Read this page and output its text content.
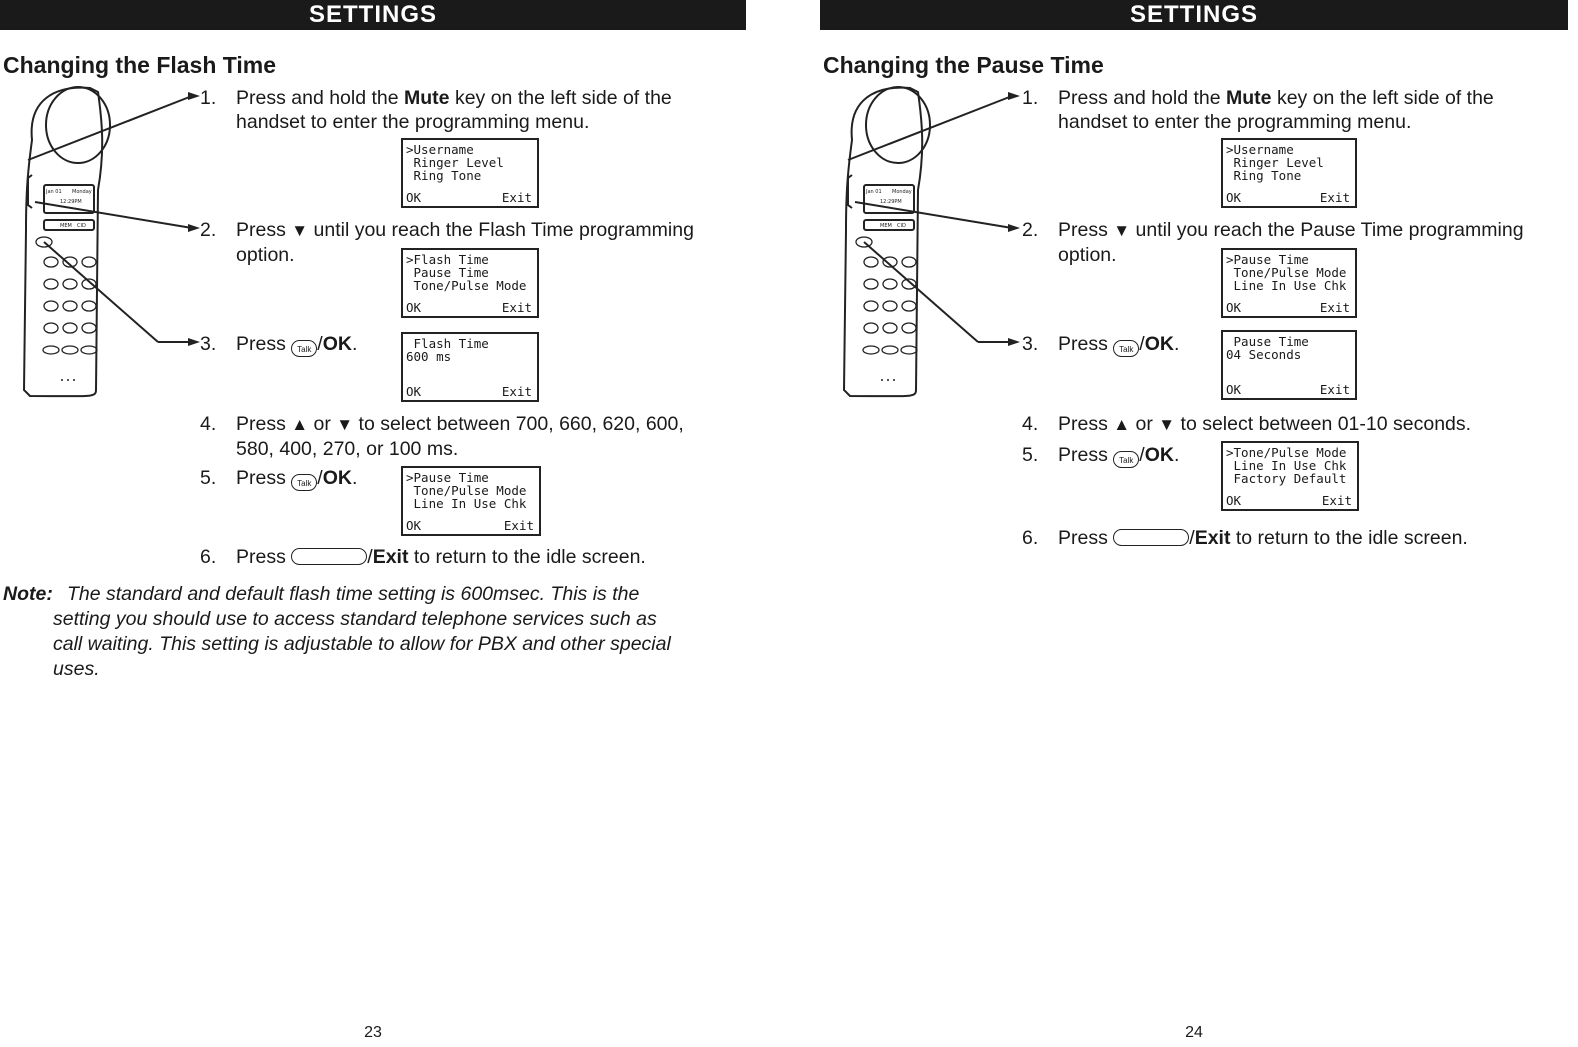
SETTINGS
Changing the Flash Time
Jan 01 Monday
12:29PM
MEM CID
1. Press and hold the Mute key on the left side of the
handset to enter the programming menu.
>Username
Ringer Level
Ring Tone
OK	Exit
2. Press ▼ until you reach the Flash Time programming
option.	>Flash Time
Pause Time
Tone/Pulse Mode
OK	Exit
3. Press Talk /OK.	Flash Time
600 ms
OK	Exit
4. Press ▲ or ▼ to select between 700, 660, 620, 600,
580, 400, 270, or 100 ms.
5. Press Talk /OK.	>Pause Time
Tone/Pulse Mode
Line In Use Chk
OK	Exit
6. Press	/Exit to return to the idle screen.
Note: The standard and default flash time setting is 600msec. This is the
setting you should use to access standard telephone services such as
call waiting. This setting is adjustable to allow for PBX and other special
uses.
23
SETTINGS
Changing the Pause Time
Jan 01 Monday
12:29PM
MEM CID
1. Press and hold the Mute key on the left side of the
handset to enter the programming menu.
>Username
Ringer Level
Ring Tone
OK	Exit
2. Press ▼ until you reach the Pause Time programming
option.	>Pause Time
Tone/Pulse Mode
Line In Use Chk
OK	Exit
3. Press Talk /OK.	Pause Time
04 Seconds
OK	Exit
4. Press ▲ or ▼ to select between 01-10 seconds.
5. Press Talk /OK.	>Tone/Pulse Mode
Line In Use Chk
Factory Default
OK	Exit
6. Press	/Exit to return to the idle screen.
24
